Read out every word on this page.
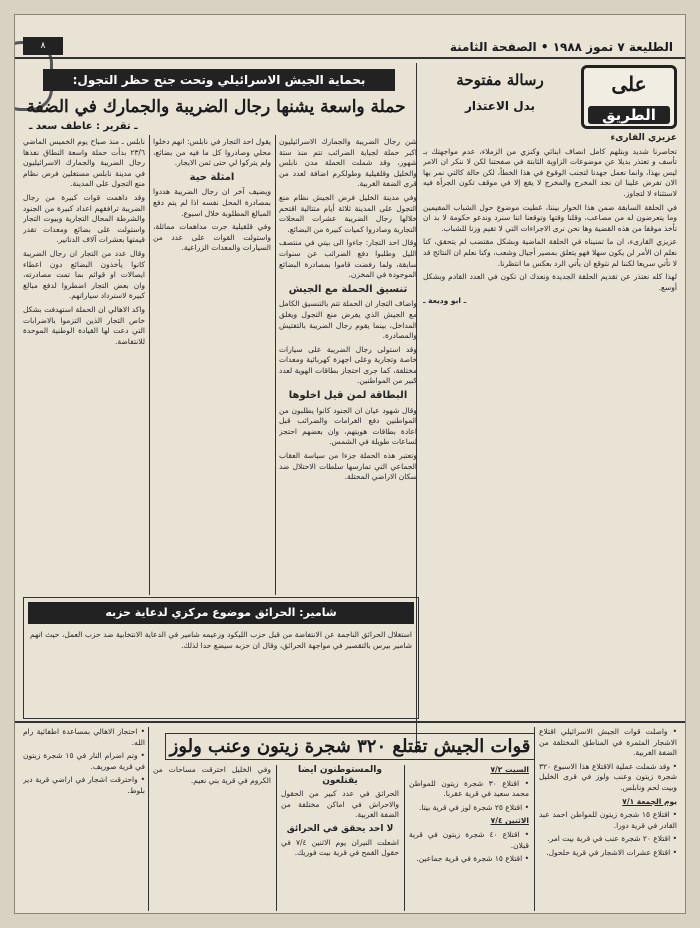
الطليعة ٧ تموز ١٩٨٨ • الصفحة الثامنة
٨
رسالة مفتوحة
بدل الاعتذار
على
الطريق

عزيزي القارىء

تحاصرنا شديد وبتلهم كامل انصاف ابنائي وكنزي من الزملاء، عدم مواجهتك بـ تأسف و تعتذر بديلا عن موضوعات الزاوية الثابتة في صفحتنا لكن لا ننكر ان الامر ليس بهذا، وانما نعمل جهدنا لتجنب الوقوع في هذا الخطأ، لكن حالة كالتي نمر بها الان تفرض علينا ان نجد المخرج والمخرج لا يقع إلا في موقف تكون الجرأة فيه لاستثناء لا لتجاوز.

في الحلقة السابقة ضمن هذا الحوار بيننا، غطيت موضوع حول الشباب المقيمين وما يتعرضون له من مصاعب، وقلنا وقتها وتوقعنا اننا سنرد وندعو حكومة لا بد ان تأخذ موقفا من هذه القضية وها نحن نرى الاجراءات التي لا تقيم وزنا للشباب.

عزيزي القارىء، ان ما تمنيناه في الحلقة الماضية وبشكل مقتضب لم يتحقق، كنا نعلم ان الأمر لن يكون سهلا فهو يتعلق بمصير أجيال وشعب، وكنا نعلم ان النتائج قد لا تأتي سريعا لكننا لم نتوقع ان يأتي الرد بعكس ما انتظرنا.

لهذا كله نعتذر عن تقديم الحلقة الجديدة ونعدك ان تكون في العدد القادم وبشكل أوسع.

ـ ابو وديعة ـ

بحماية الجيش الاسرائيلي وتحت جنح حظر التجول:
حملة واسعة يشنها رجال الضريبة والجمارك في الضفة
ـ تقرير : عاطف سعد ـ

نابلس ـ منذ صباح يوم الخميس الماضي ٢٣/٦ بدأت حملة واسعة النطاق نفذها رجال الضريبة والجمارك الاسرائيليون في مدينة نابلس مستغلين فرض نظام منع التجول على المدينة.

وقد داهمت قوات كبيرة من رجال الضريبة ترافقهم اعداد كبيرة من الجنود والشرطة المحال التجارية وبيوت التجار واستولت على بضائع ومعدات تقدر قيمتها بعشرات آلاف الدنانير.

وقال عدد من التجار ان رجال الضريبة كانوا يأخذون البضائع دون اعطاء ايصالات او قوائم بما تمت مصادرته، وان بعض التجار اضطروا لدفع مبالغ كبيرة لاسترداد سياراتهم.

واكد الاهالي ان الحملة استهدفت بشكل خاص التجار الذين التزموا بالاضرابات التي دعت لها القيادة الوطنية الموحدة للانتفاضة.

يقول احد التجار في نابلس: انهم دخلوا محلي وصادروا كل ما فيه من بضائع، ولم يتركوا لي حتى ثمن الايجار.

امثلة حية

ويضيف آخر ان رجال الضريبة هددوا بمصادرة المحل نفسه اذا لم يتم دفع المبالغ المطلوبة خلال اسبوع.

وفي قلقيلية جرت مداهمات مماثلة، واستولت القوات على عدد من السيارات والمعدات الزراعية.

شن رجال الضريبة والجمارك الاسرائيليون اكبر حملة لجباية الضرائب تتم منذ ستة شهور، وقد شملت الحملة مدن نابلس والخليل وقلقيلية وطولكرم اضافة لعدد من قرى الضفة الغربية.

وفي مدينة الخليل فرض الجيش نظام منع التجول على المدينة ثلاثة أيام متتالية اقتحم خلالها رجال الضريبة عشرات المحلات التجارية وصادروا كميات كبيرة من البضائع.

وقال احد التجار: جاءوا الى بيتي في منتصف الليل وطلبوا دفع الضرائب عن سنوات سابقة، ولما رفضت قاموا بمصادرة البضائع الموجودة في المخزن.

تنسيق الحملة مع الجيش

واضاف التجار ان الحملة تتم بالتنسيق الكامل مع الجيش الذي يفرض منع التجول ويغلق المداخل، بينما يقوم رجال الضريبة بالتفتيش والمصادرة.

وقد استولى رجال الضريبة على سيارات خاصة وتجارية وعلى اجهزة كهربائية ومعدات مختلفة، كما جرى احتجاز بطاقات الهوية لعدد كبير من المواطنين.

البطاقة لمن قيل اخلوها

وقال شهود عيان ان الجنود كانوا يطلبون من المواطنين دفع الغرامات والضرائب قبل اعادة بطاقات هويتهم، وان بعضهم احتجز لساعات طويلة في الشمس.

وتعتبر هذه الحملة جزءا من سياسة العقاب الجماعي التي تمارسها سلطات الاحتلال ضد سكان الاراضي المحتلة.

شامير: الحرائق موضوع مركزي لدعاية حزبه
استغلال الحرائق الناجمة عن الانتفاضة من قبل حزب الليكود وزعيمه شامير في الدعاية الانتخابية ضد حزب العمل، حيث اتهم شامير بيرس بالتقصير في مواجهة الحرائق، وقال ان حزبه سيضع حدا لذلك.
قوات الجيش تقتلع ٣٢٠ شجرة زيتون وعنب ولوز

• واصلت قوات الجيش الاسرائيلي اقتلاع الاشجار المثمرة في المناطق المختلفة من الضفة الغربية.

• وقد شملت عملية الاقتلاع هذا الاسبوع ٣٢٠ شجرة زيتون وعنب ولوز في قرى الخليل وبيت لحم ونابلس.

يوم الجمعة ٧/١

• اقتلاع ١٥ شجرة زيتون للمواطن احمد عبد القادر في قرية دورا.

• اقتلاع ٢٠ شجرة عنب في قرية بيت امر.

• اقتلاع عشرات الاشجار في قرية حلحول.

السبت ٧/٢

• اقتلاع ٣٠ شجرة زيتون للمواطن محمد سعيد في قرية عقربا.

• اقتلاع ٢٥ شجرة لوز في قرية بيتا.

الاثنين ٧/٤

• اقتلاع ٤٠ شجرة زيتون في قرية قبلان.

• اقتلاع ١٥ شجرة في قرية جماعين.

والمستوطنون ايضا يقتلعون

الحرائق في عدد كبير من الحقول والاحراش في اماكن مختلفة من الضفة الغربية.

لا احد يحقق في الحرائق

اشعلت النيران يوم الاثنين ٧/٤ في حقول القمح في قرية بيت فوريك.

وفي الخليل احترقت مساحات من الكروم في قرية بني نعيم.

• احتجاز الاهالي بمساعدة اطفائية رام الله.

• وتم اضرام النار في ١٥ شجرة زيتون في قرية صوريف.

• واحترقت اشجار في اراضي قرية دير بلوط.
